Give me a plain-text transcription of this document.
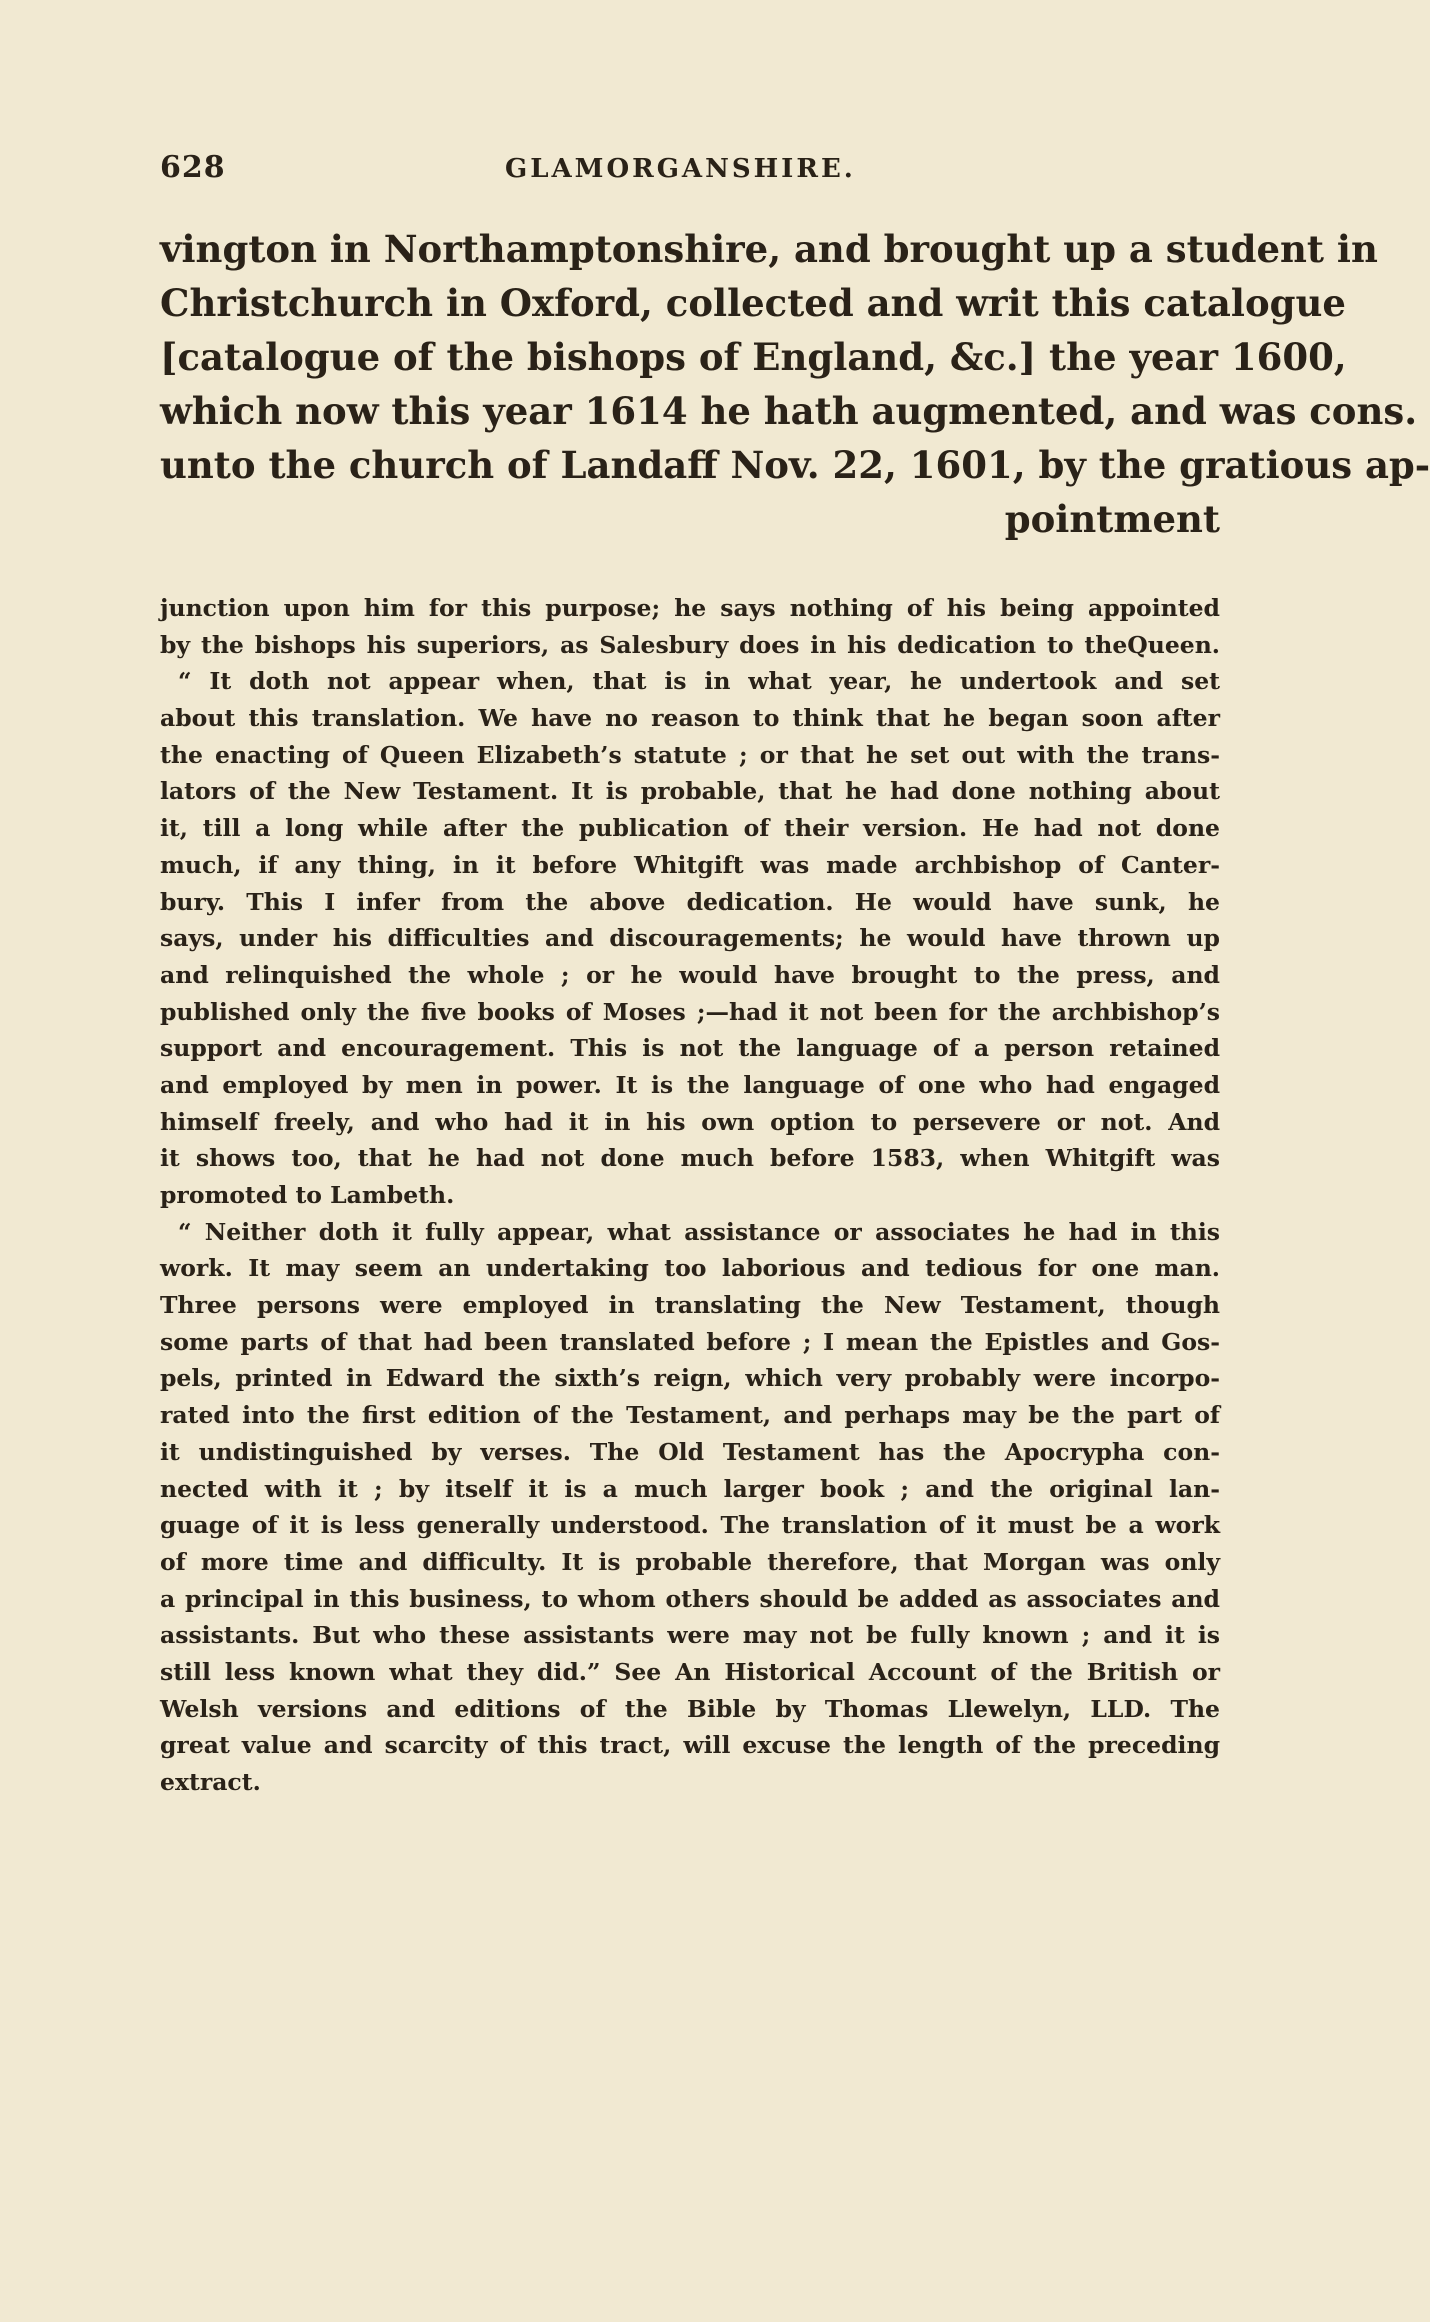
628	GLAMORGANSHIRE.
vington in Northamptonshire, and brought up a student in
Christchurch in Oxford, collected and writ this catalogue
[catalogue of the bishops of England, &c.] the year 1600,
which now this year 1614 he hath augmented, and was cons.
unto the church of Landaff Nov. 22, 1601, by the gratious ap-
pointment
junction upon him for this purpose; he says nothing of his being appointed
by the bishops his superiors, as Salesbury does in his dedication to theQueen.
“ It doth not appear when, that is in what year, he undertook and set
about this translation. We have no reason to think that he began soon after
the enacting of Queen Elizabeth’s statute ; or that he set out with the trans-
lators of the New Testament. It is probable, that he had done nothing about
it, till a long while after the publication of their version. He had not done
much, if any thing, in it before Whitgift was made archbishop of Canter-
bury. This I infer from the above dedication. He would have sunk, he
says, under his difficulties and discouragements; he would have thrown up
and relinquished the whole ; or he would have brought to the press, and
published only the five books of Moses ;—had it not been for the archbishop’s
support and encouragement. This is not the language of a person retained
and employed by men in power. It is the language of one who had engaged
himself freely, and who had it in his own option to persevere or not. And
it shows too, that he had not done much before 1583, when Whitgift was
promoted to Lambeth.
“ Neither doth it fully appear, what assistance or associates he had in this
work. It may seem an undertaking too laborious and tedious for one man.
Three persons were employed in translating the New Testament, though
some parts of that had been translated before ; I mean the Epistles and Gos-
pels, printed in Edward the sixth’s reign, which very probably were incorpo-
rated into the first edition of the Testament, and perhaps may be the part of
it undistinguished by verses. The Old Testament has the Apocrypha con-
nected with it ; by itself it is a much larger book ; and the original lan-
guage of it is less generally understood. The translation of it must be a work
of more time and difficulty. It is probable therefore, that Morgan was only
a principal in this business, to whom others should be added as associates and
assistants. But who these assistants were may not be fully known ; and it is
still less known what they did.” See An Historical Account of the British or
Welsh versions and editions of the Bible by Thomas Llewelyn, LLD. The
great value and scarcity of this tract, will excuse the length of the preceding
extract.
